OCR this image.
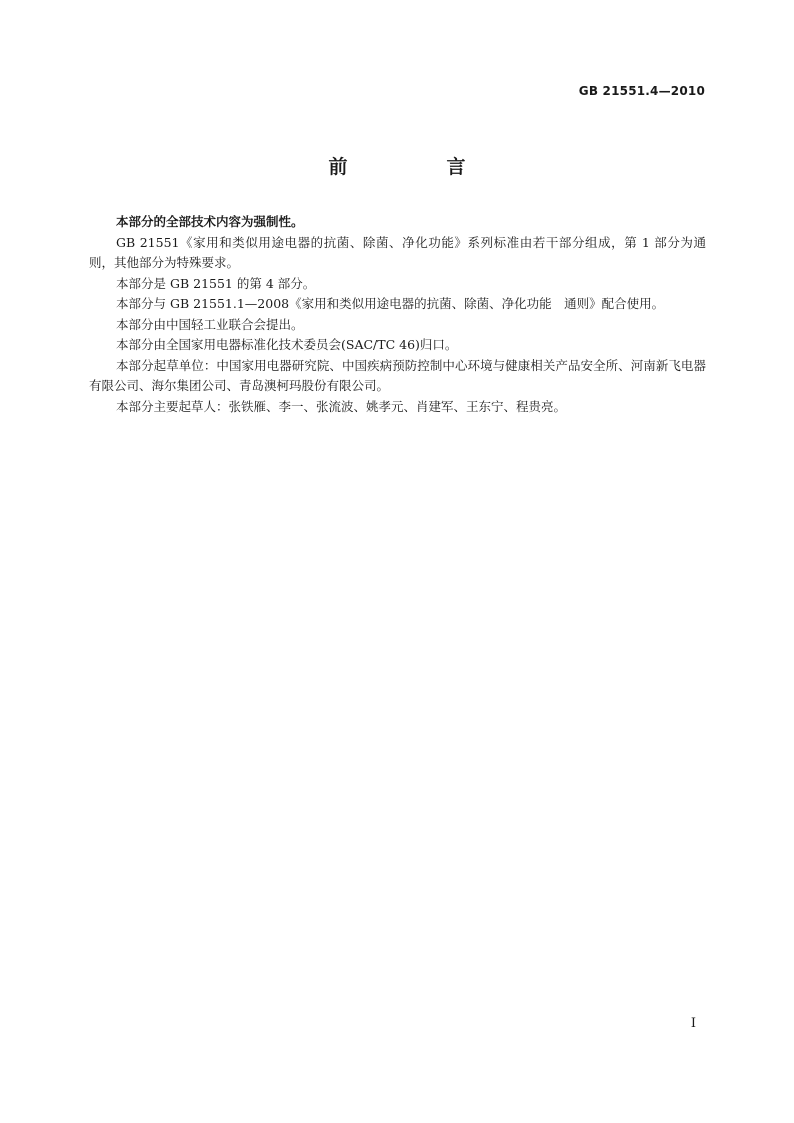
GB 21551.4—2010
前　言

本部分的全部技术内容为强制性。

GB 21551《家用和类似用途电器的抗菌、除菌、净化功能》系列标准由若干部分组成，第 1 部分为通则，其他部分为特殊要求。

本部分是 GB 21551 的第 4 部分。

本部分与 GB 21551.1—2008《家用和类似用途电器的抗菌、除菌、净化功能　通则》配合使用。

本部分由中国轻工业联合会提出。

本部分由全国家用电器标准化技术委员会(SAC/TC 46)归口。

本部分起草单位：中国家用电器研究院、中国疾病预防控制中心环境与健康相关产品安全所、河南新飞电器有限公司、海尔集团公司、青岛澳柯玛股份有限公司。

本部分主要起草人：张铁雁、李一、张流波、姚孝元、肖建军、王东宁、程贵亮。

I
